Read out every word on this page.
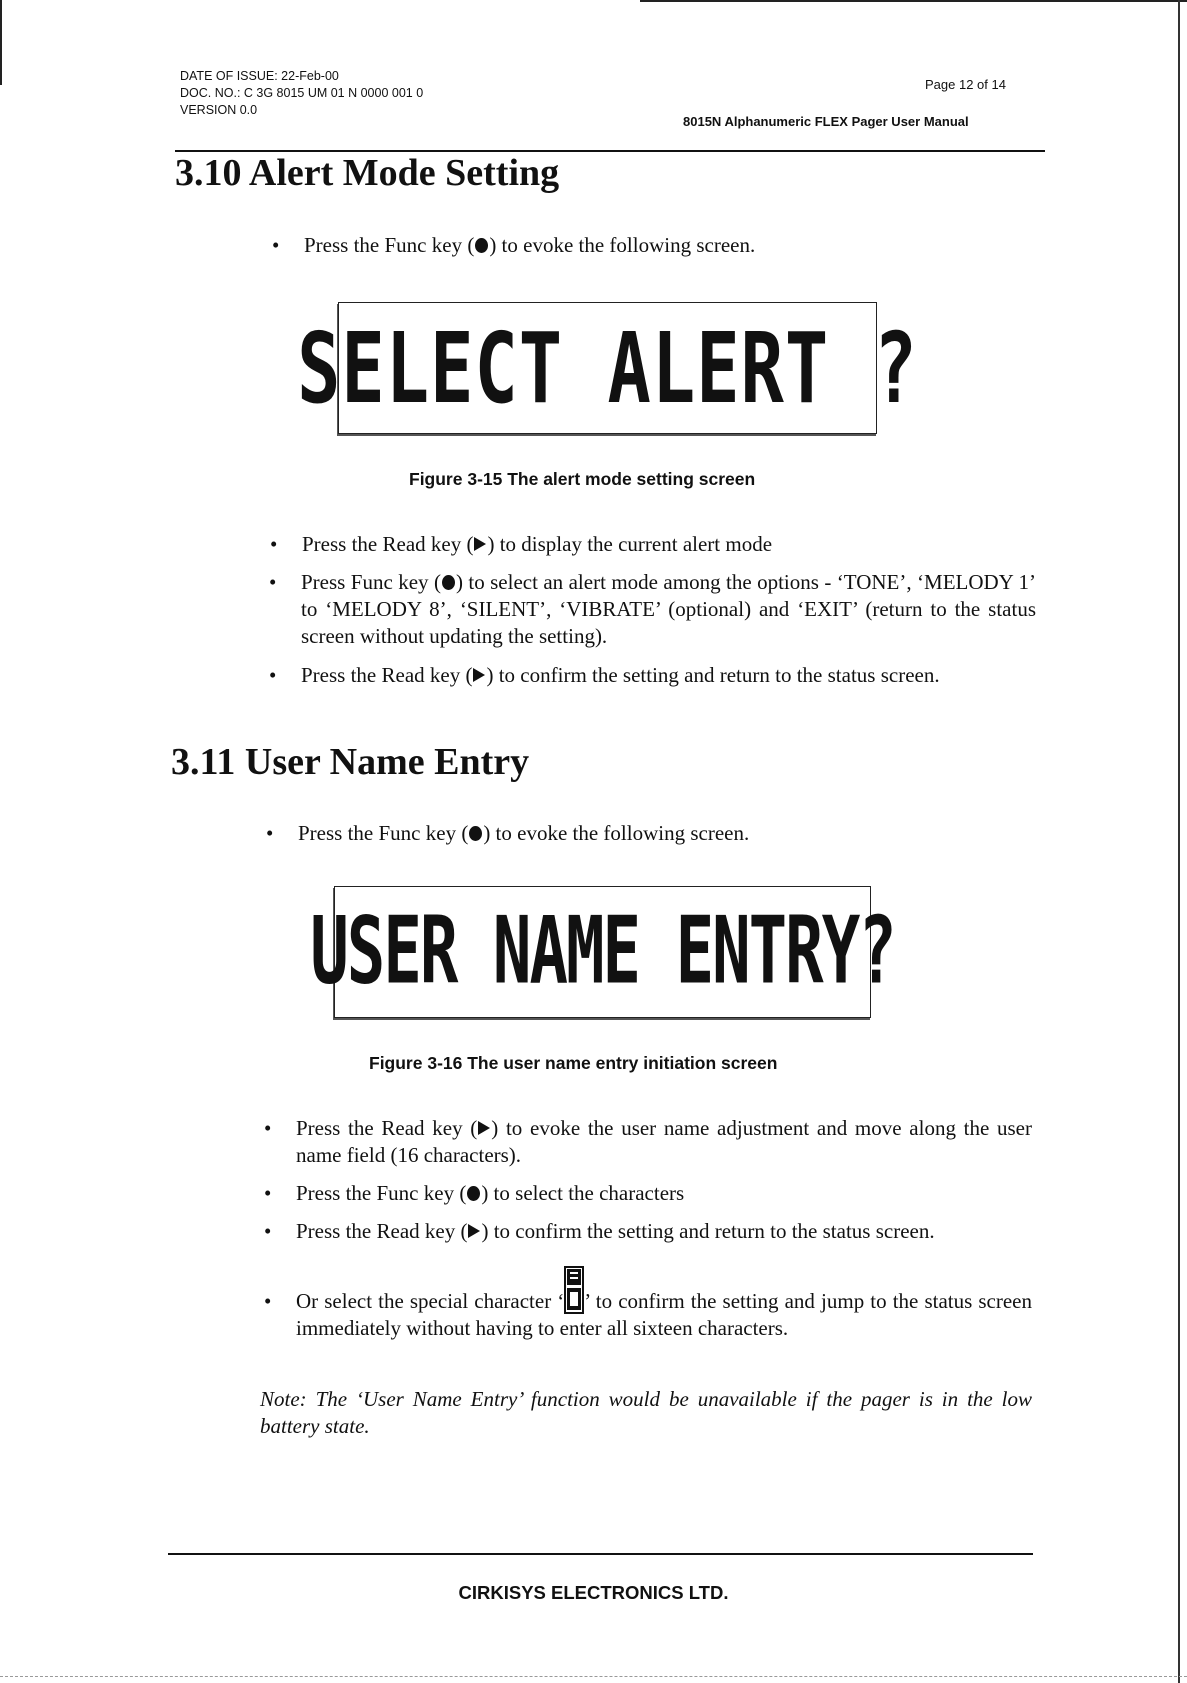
DATE OF ISSUE: 22-Feb-00
DOC. NO.: C 3G 8015 UM 01 N 0000 001 0
VERSION 0.0
Page 12 of 14
8015N Alphanumeric FLEX Pager User Manual
3.10 Alert Mode Setting
• Press the Func key ( ) to evoke the following screen.
SELECT ALERT ?
Figure 3-15 The alert mode setting screen
• Press the Read key ( ) to display the current alert mode
• Press Func key ( ) to select an alert mode among the options - ‘TONE’, ‘MELODY 1’ to ‘MELODY 8’, ‘SILENT’, ‘VIBRATE’ (optional) and ‘EXIT’ (return to the status screen without updating the setting).
• Press the Read key ( ) to confirm the setting and return to the status screen.
3.11 User Name Entry
• Press the Func key ( ) to evoke the following screen.
USER NAME ENTRY?
Figure 3-16 The user name entry initiation screen
• Press the Read key ( ) to evoke the user name adjustment and move along the user name field (16 characters).
• Press the Func key ( ) to select the characters
• Press the Read key ( ) to confirm the setting and return to the status screen.
• Or select the special character ‘ ’ to confirm the setting and jump to the status screen immediately without having to enter all sixteen characters.
Note: The ‘User Name Entry’ function would be unavailable if the pager is in the low battery state.
CIRKISYS ELECTRONICS LTD.
